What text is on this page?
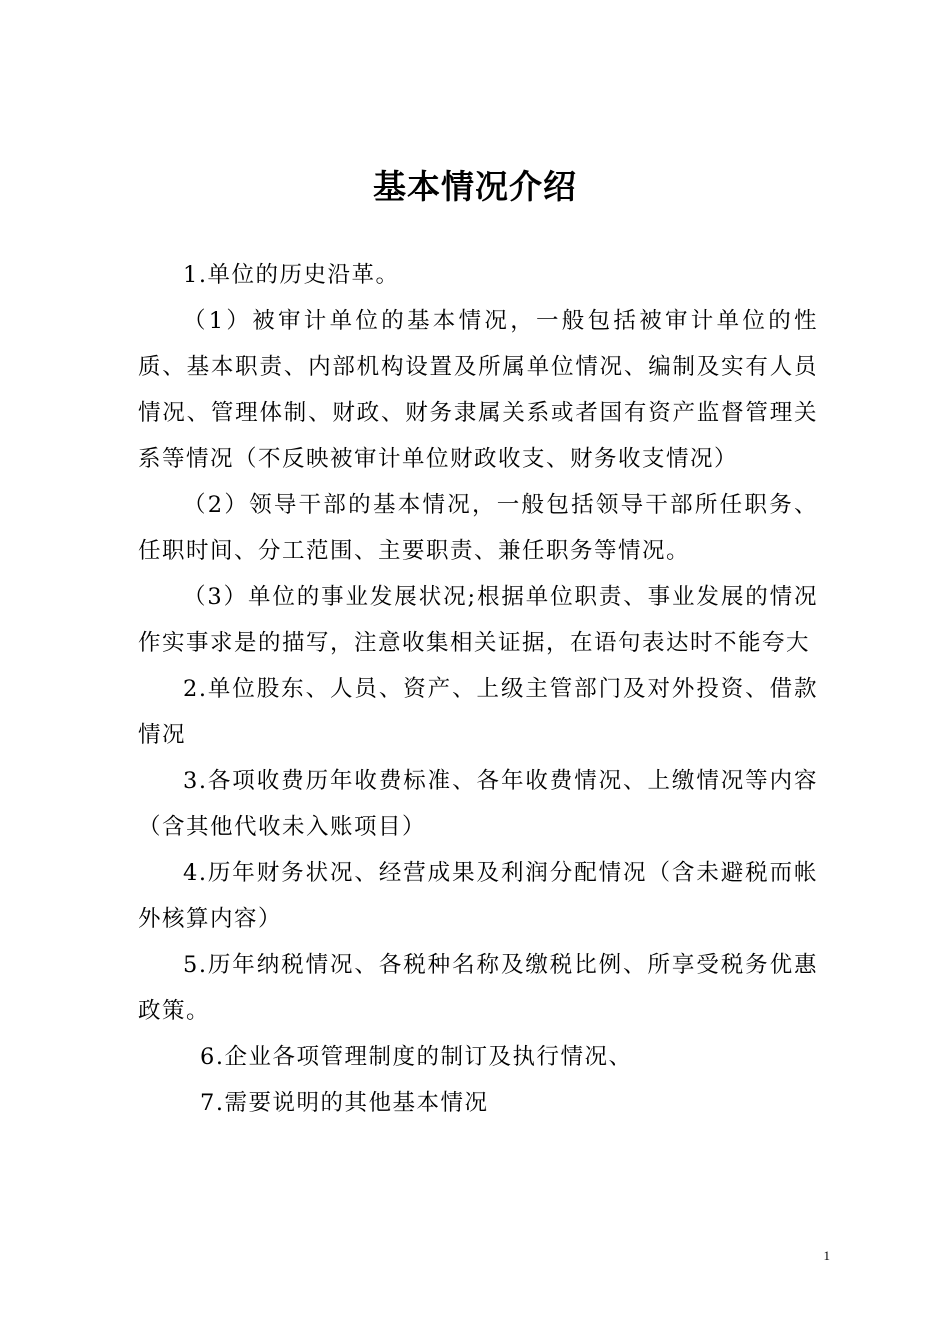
基本情况介绍

1.单位的历史沿革。

（1）被审计单位的基本情况，一般包括被审计单位的性质、基本职责、内部机构设置及所属单位情况、编制及实有人员情况、管理体制、财政、财务隶属关系或者国有资产监督管理关系等情况（不反映被审计单位财政收支、财务收支情况）

（2）领导干部的基本情况，一般包括领导干部所任职务、任职时间、分工范围、主要职责、兼任职务等情况。

（3）单位的事业发展状况;根据单位职责、事业发展的情况作实事求是的描写，注意收集相关证据，在语句表达时不能夸大

2.单位股东、人员、资产、上级主管部门及对外投资、借款情况

3.各项收费历年收费标准、各年收费情况、上缴情况等内容（含其他代收未入账项目）

4.历年财务状况、经营成果及利润分配情况（含未避税而帐外核算内容）

5.历年纳税情况、各税种名称及缴税比例、所享受税务优惠政策。

6.企业各项管理制度的制订及执行情况、

7.需要说明的其他基本情况

1
